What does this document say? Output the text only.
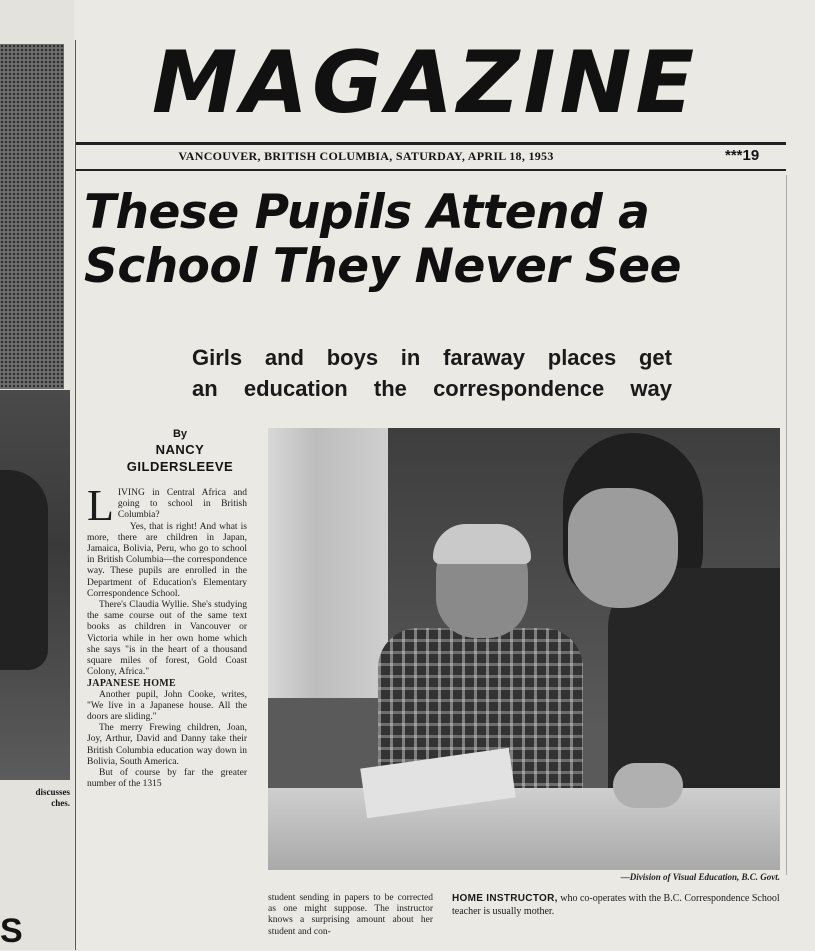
discusses
ches.
S
MAGAZINE
VANCOUVER, BRITISH COLUMBIA, SATURDAY, APRIL 18, 1953	***19
These Pupils Attend a
School They Never See
Girls and boys in faraway places get
an education the correspondence way
By
NANCY
GILDERSLEEVE

LIVING in Central Africa and going to school in British Columbia?

Yes, that is right! And what is more, there are children in Japan, Jamaica, Bolivia, Peru, who go to school in British Columbia—the correspondence way. These pupils are enrolled in the Department of Education's Elementary Correspondence School.

There's Claudia Wyllie. She's studying the same course out of the same text books as children in Vancouver or Victoria while in her own home which she says "is in the heart of a thousand square miles of forest, Gold Coast Colony, Africa."

JAPANESE HOME

Another pupil, John Cooke, writes, "We live in a Japanese house. All the doors are sliding."

The merry Frewing children, Joan, Joy, Arthur, David and Danny take their British Columbia education way down in Bolivia, South America.

But of course by far the greater number of the 1315

student sending in papers to be corrected as one might suppose. The instructor knows a surprising amount about her student and con-
—Division of Visual Education, B.C. Govt.
HOME INSTRUCTOR, who co-operates with the B.C. Correspondence School teacher is usually mother.
